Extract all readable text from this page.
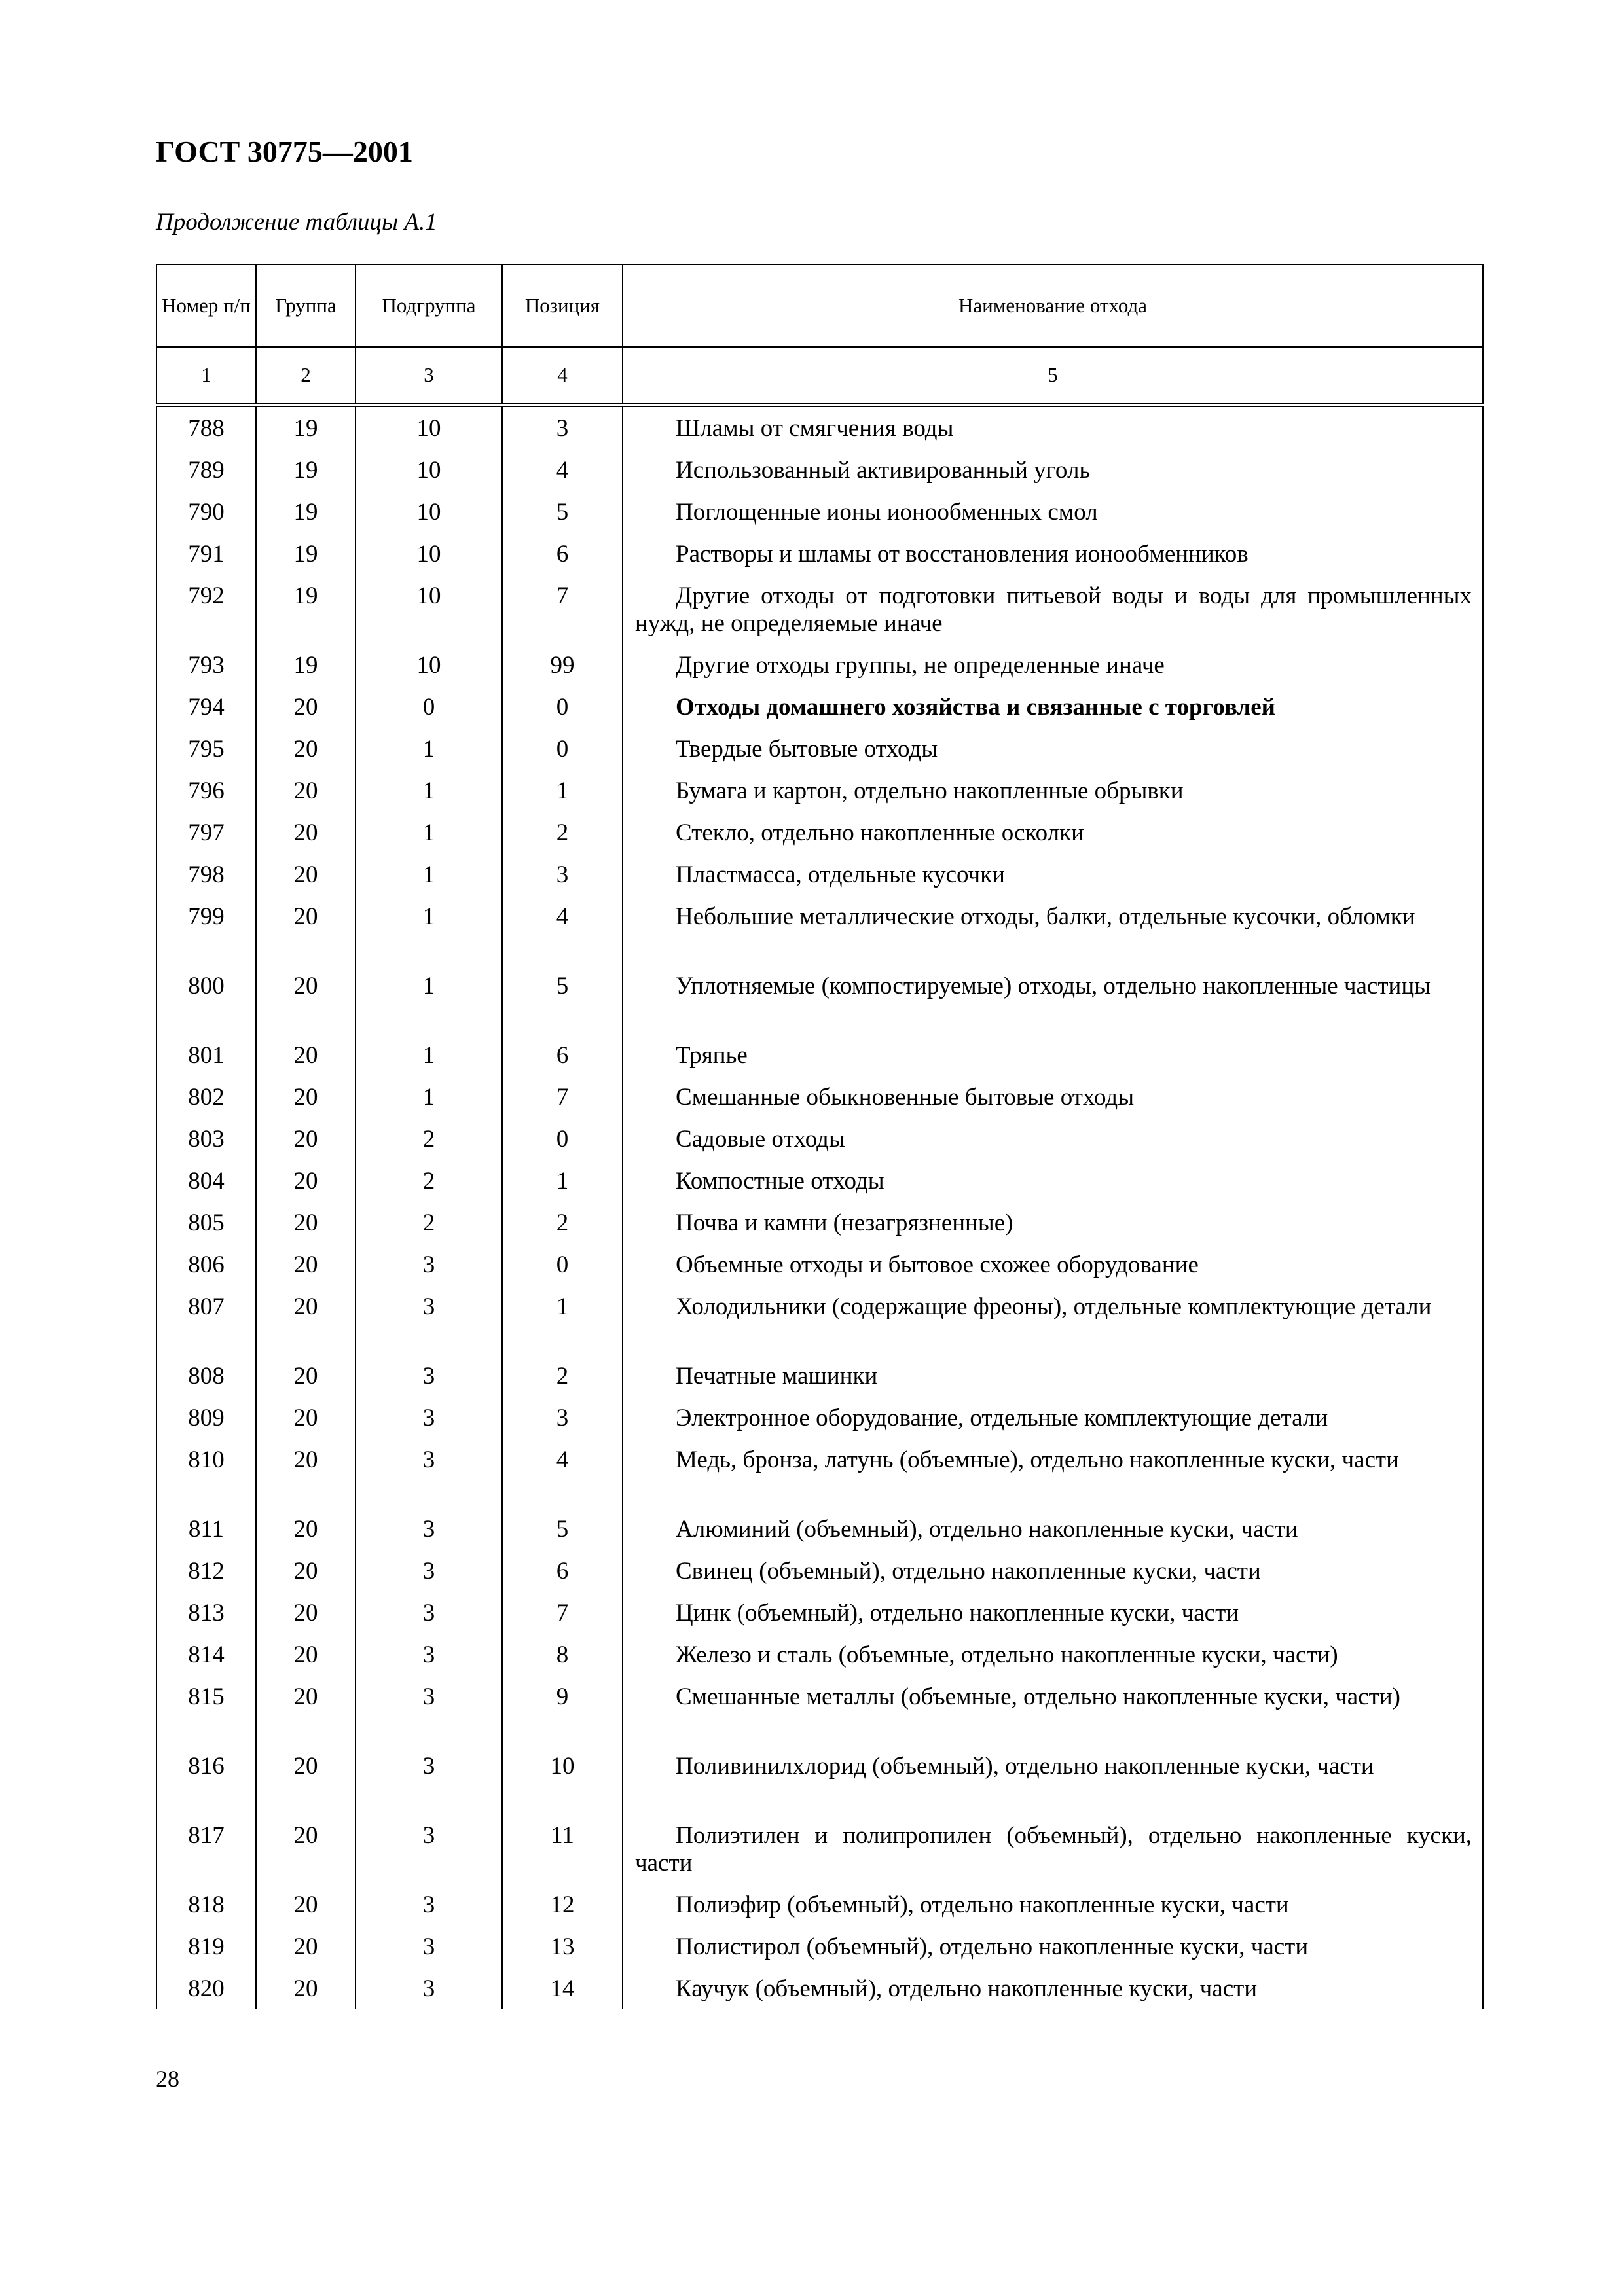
ГОСТ 30775—2001
Продолжение таблицы А.1
Номер п/п	Группа	Подгруппа	Позиция	Наименование отхода
1	2	3	4	5
788	19	10	3	Шламы от смягчения воды

789	19	10	4	Использованный активированный уголь

790	19	10	5	Поглощенные ионы ионообменных смол

791	19	10	6	Растворы и шламы от восстановления ионообменников

792	19	10	7	Другие отходы от подготовки питьевой воды и воды для промышленных нужд, не определяемые иначе

793	19	10	99	Другие отходы группы, не определенные иначе

794	20	0	0	Отходы домашнего хозяйства и связанные с торговлей

795	20	1	0	Твердые бытовые отходы

796	20	1	1	Бумага и картон, отдельно накопленные обрывки

797	20	1	2	Стекло, отдельно накопленные осколки

798	20	1	3	Пластмасса, отдельные кусочки

799	20	1	4	Небольшие металлические отходы, балки, отдельные кусочки, обломки

800	20	1	5	Уплотняемые (компостируемые) отходы, отдельно накопленные частицы

801	20	1	6	Тряпье

802	20	1	7	Смешанные обыкновенные бытовые отходы

803	20	2	0	Садовые отходы

804	20	2	1	Компостные отходы

805	20	2	2	Почва и камни (незагрязненные)

806	20	3	0	Объемные отходы и бытовое схожее оборудование

807	20	3	1	Холодильники (содержащие фреоны), отдельные комплектующие детали

808	20	3	2	Печатные машинки

809	20	3	3	Электронное оборудование, отдельные комплектующие детали

810	20	3	4	Медь, бронза, латунь (объемные), отдельно накопленные куски, части

811	20	3	5	Алюминий (объемный), отдельно накопленные куски, части

812	20	3	6	Свинец (объемный), отдельно накопленные куски, части

813	20	3	7	Цинк (объемный), отдельно накопленные куски, части

814	20	3	8	Железо и сталь (объемные, отдельно накопленные куски, части)

815	20	3	9	Смешанные металлы (объемные, отдельно накопленные куски, части)

816	20	3	10	Поливинилхлорид (объемный), отдельно накопленные куски, части

817	20	3	11	Полиэтилен и полипропилен (объемный), отдельно накопленные куски, части

818	20	3	12	Полиэфир (объемный), отдельно накопленные куски, части

819	20	3	13	Полистирол (объемный), отдельно накопленные куски, части

820	20	3	14	Каучук (объемный), отдельно накопленные куски, части
28
